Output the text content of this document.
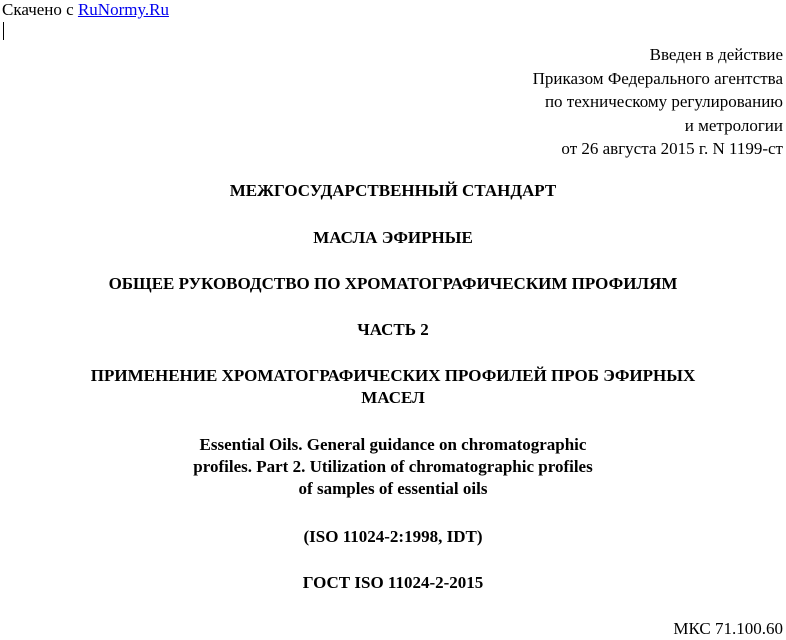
Скачено с RuNormy.Ru
Введен в действие
Приказом Федерального агентства
по техническому регулированию
и метрологии
от 26 августа 2015 г. N 1199-ст
МЕЖГОСУДАРСТВЕННЫЙ СТАНДАРТ
МАСЛА ЭФИРНЫЕ
ОБЩЕЕ РУКОВОДСТВО ПО ХРОМАТОГРАФИЧЕСКИМ ПРОФИЛЯМ
ЧАСТЬ 2
ПРИМЕНЕНИЕ ХРОМАТОГРАФИЧЕСКИХ ПРОФИЛЕЙ ПРОБ ЭФИРНЫХ
МАСЕЛ
Essential Oils. General guidance on chromatographic
profiles. Part 2. Utilization of chromatographic profiles
of samples of essential oils
(ISO 11024-2:1998, IDT)
ГОСТ ISO 11024-2-2015
МКС 71.100.60
